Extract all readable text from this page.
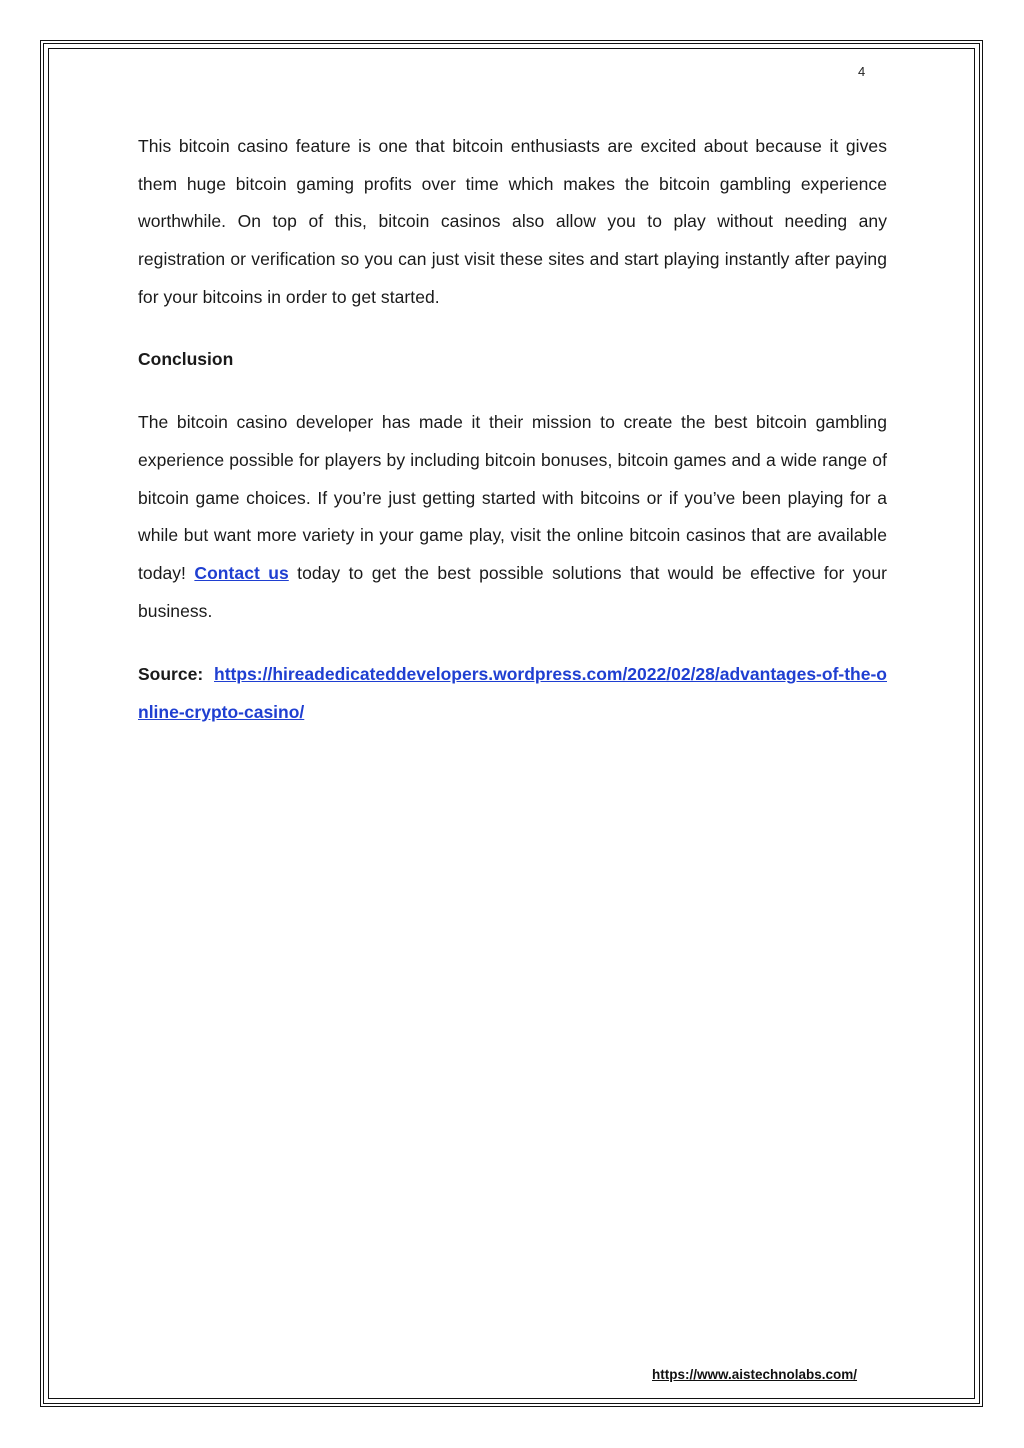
4

This bitcoin casino feature is one that bitcoin enthusiasts are excited about because it gives them huge bitcoin gaming profits over time which makes the bitcoin gambling experience worthwhile. On top of this, bitcoin casinos also allow you to play without needing any registration or verification so you can just visit these sites and start playing instantly after paying for your bitcoins in order to get started.

Conclusion

The bitcoin casino developer has made it their mission to create the best bitcoin gambling experience possible for players by including bitcoin bonuses, bitcoin games and a wide range of bitcoin game choices. If you’re just getting started with bitcoins or if you’ve been playing for a while but want more variety in your game play, visit the online bitcoin casinos that are available today! Contact us today to get the best possible solutions that would be effective for your business.

Source: https://hireadedicateddevelopers.wordpress.com/2022/02/28/advantages-of-the-online-crypto-casino/
https://www.aistechnolabs.com/
